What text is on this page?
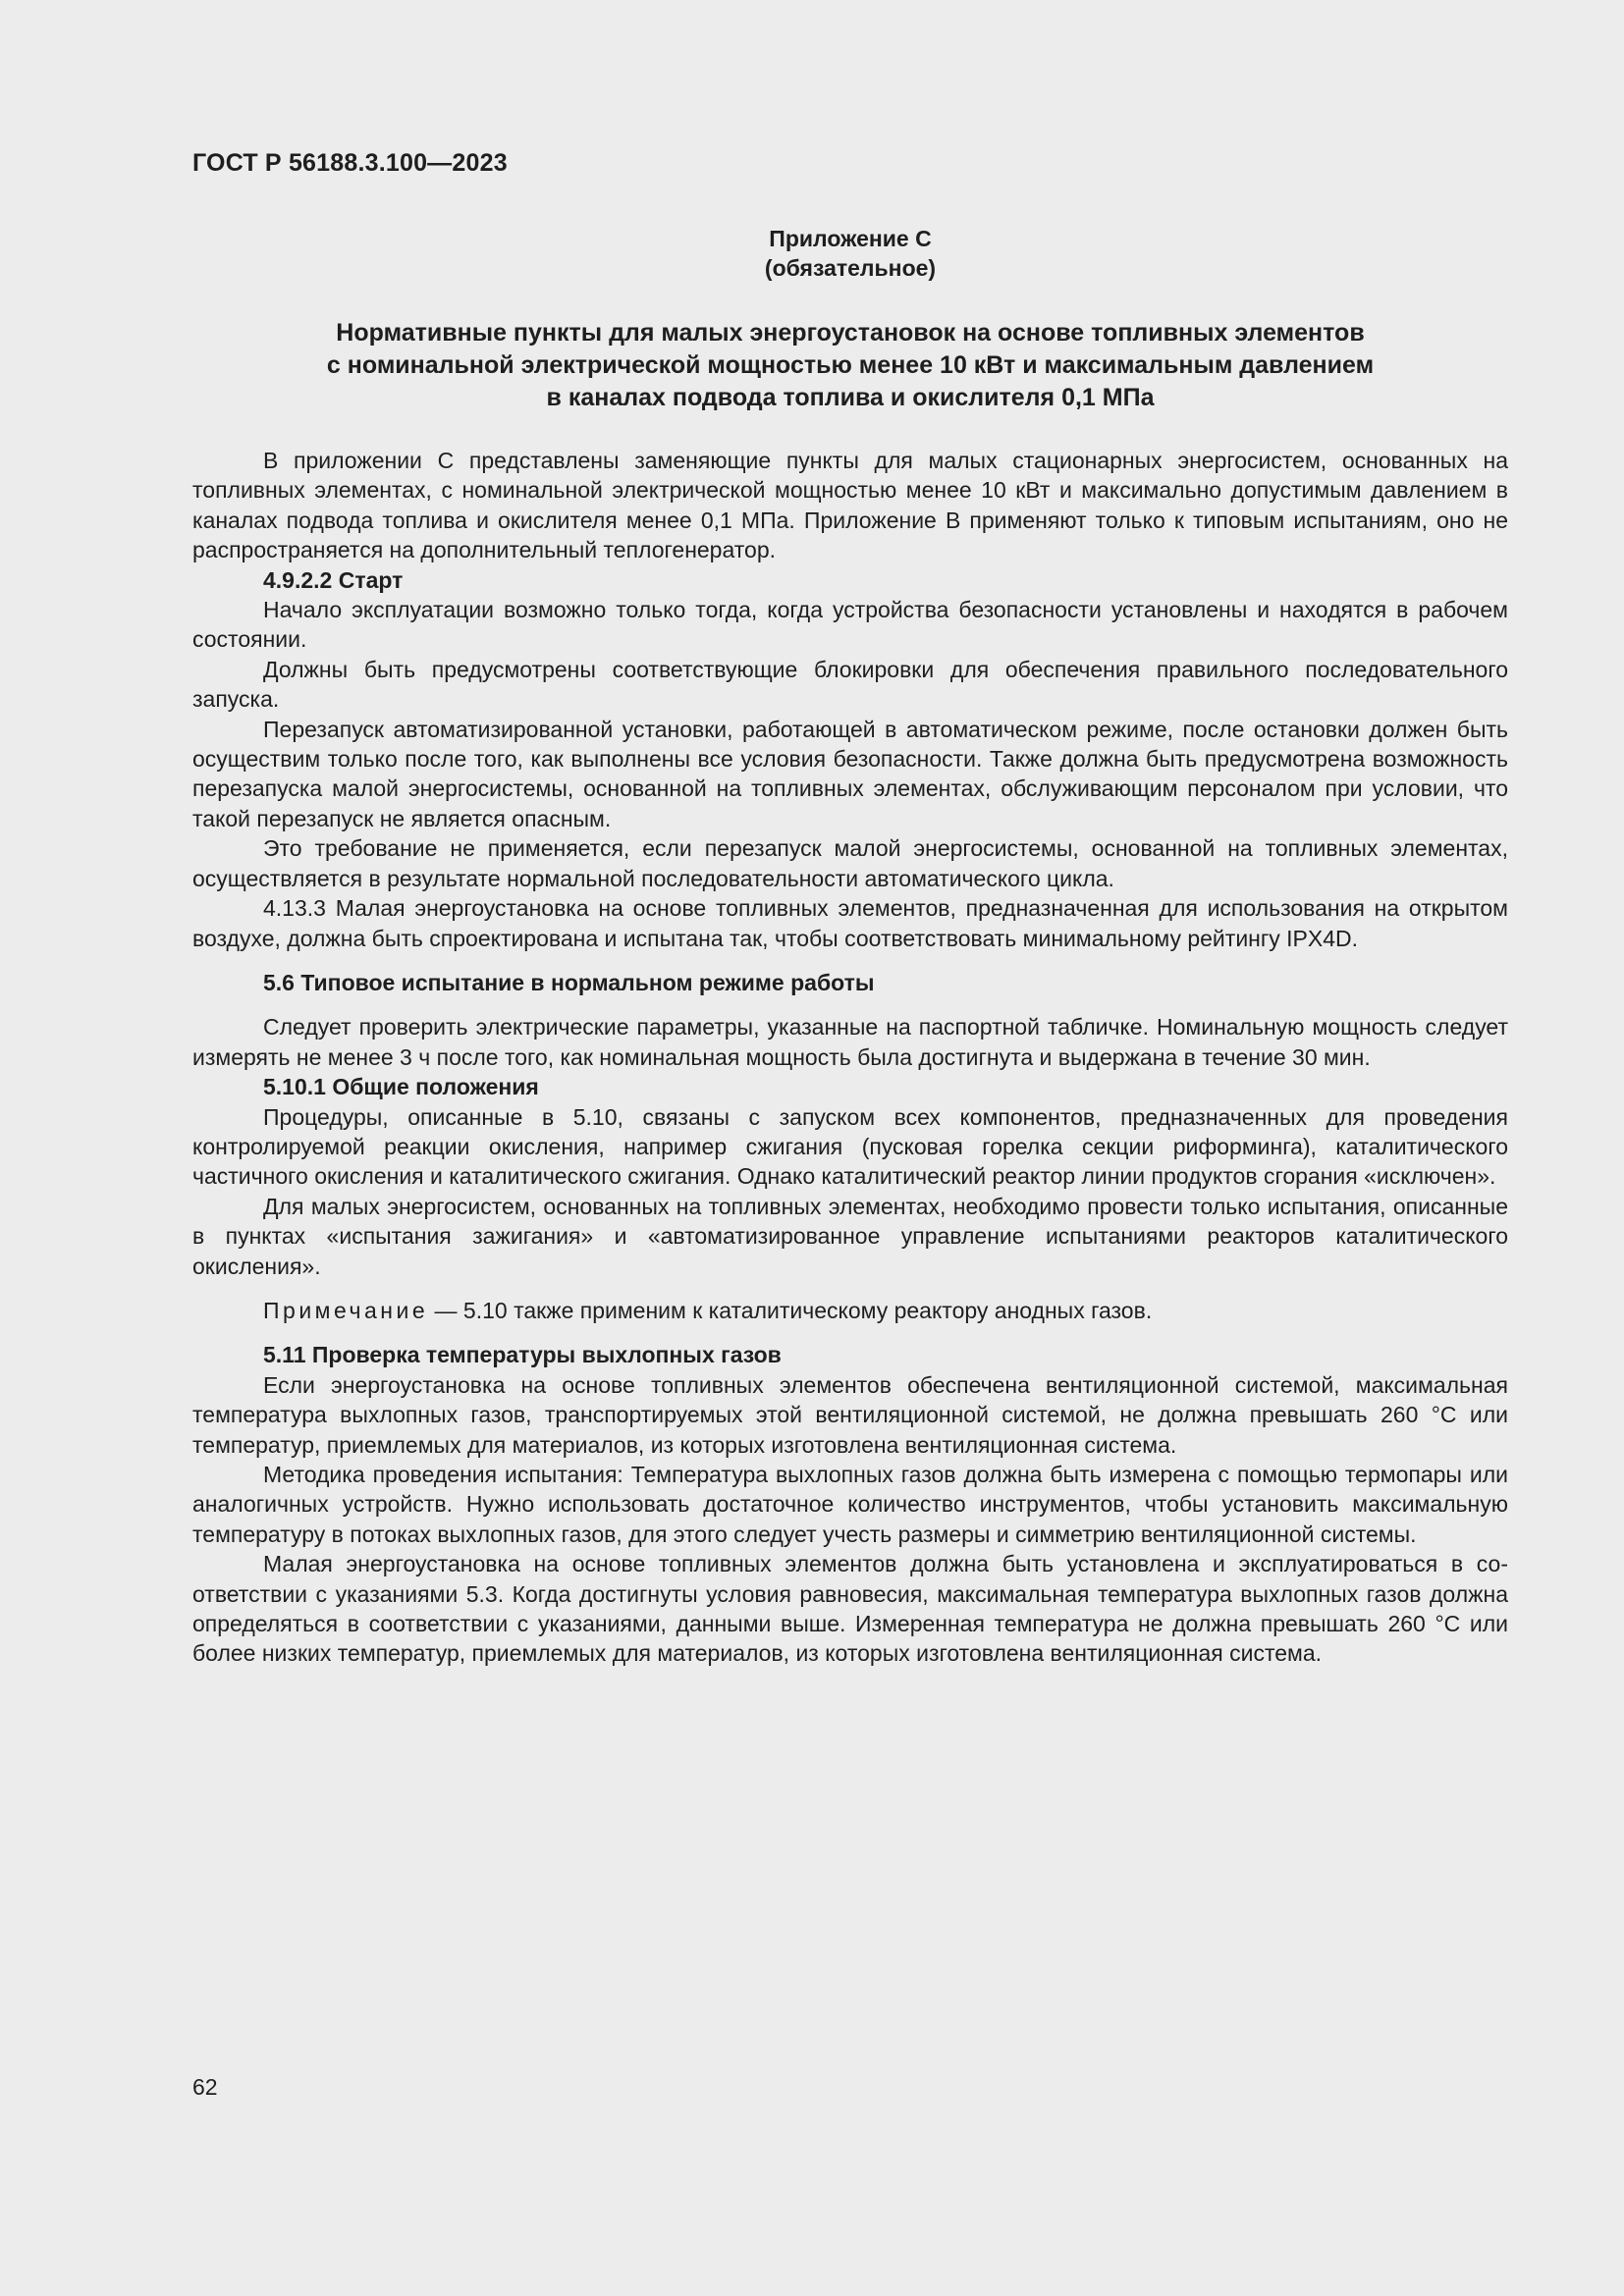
ГОСТ Р 56188.3.100—2023
Приложение С
(обязательное)
Нормативные пункты для малых энергоустановок на основе топливных элементов
с номинальной электрической мощностью менее 10 кВт и максимальным давлением
в каналах подвода топлива и окислителя 0,1 МПа

В приложении С представлены заменяющие пункты для малых стационарных энергосистем, основанных на топливных элементах, с номинальной электрической мощностью менее 10 кВт и максимально допустимым давлением в каналах подвода топлива и окислителя менее 0,1 МПа. Приложение В применяют только к типовым испытаниям, оно не распространяется на дополнительный теплогенератор.

4.9.2.2 Старт

Начало эксплуатации возможно только тогда, когда устройства безопасности установлены и находятся в рабочем состоянии.

Должны быть предусмотрены соответствующие блокировки для обеспечения правильного последовательного запуска.

Перезапуск автоматизированной установки, работающей в автоматическом режиме, после остановки должен быть осуществим только после того, как выполнены все условия безопасности. Также должна быть предусмотрена возможность перезапуска малой энергосистемы, основанной на топливных элементах, обслуживающим персоналом при условии, что такой перезапуск не является опасным.

Это требование не применяется, если перезапуск малой энергосистемы, основанной на топливных элементах, осуществляется в результате нормальной последовательности автоматического цикла.

4.13.3 Малая энергоустановка на основе топливных элементов, предназначенная для использования на открытом воздухе, должна быть спроектирована и испытана так, чтобы соответствовать минимальному рейтингу IPX4D.

5.6 Типовое испытание в нормальном режиме работы

Следует проверить электрические параметры, указанные на паспортной табличке. Номинальную мощность следует измерять не менее 3 ч после того, как номинальная мощность была достигнута и выдержана в течение 30 мин.

5.10.1 Общие положения

Процедуры, описанные в 5.10, связаны с запуском всех компонентов, предназначенных для проведения контролируемой реакции окисления, например сжигания (пусковая горелка секции риформинга), каталитического частичного окисления и каталитического сжигания. Однако каталитический реактор линии продуктов сгорания «исключен».

Для малых энергосистем, основанных на топливных элементах, необходимо провести только испытания, описанные в пунктах «испытания зажигания» и «автоматизированное управление испытаниями реакторов каталитического окисления».

Примечание — 5.10 также применим к каталитическому реактору анодных газов.
5.11 Проверка температуры выхлопных газов

Если энергоустановка на основе топливных элементов обеспечена вентиляционной системой, максимальная температура выхлопных газов, транспортируемых этой вентиляционной системой, не должна превышать 260 °С или температур, приемлемых для материалов, из которых изготовлена вентиляционная система.

Методика проведения испытания: Температура выхлопных газов должна быть измерена с помощью термопары или аналогичных устройств. Нужно использовать достаточное количество инструментов, чтобы установить максимальную температуру в потоках выхлопных газов, для этого следует учесть размеры и симметрию вентиляционной системы.

Малая энергоустановка на основе топливных элементов должна быть установлена и эксплуатироваться в соответствии с указаниями 5.3. Когда достигнуты условия равновесия, максимальная температура выхлопных газов должна определяться в соответствии с указаниями, данными выше. Измеренная температура не должна превышать 260 °С или более низких температур, приемлемых для материалов, из которых изготовлена вентиляционная система.

62
